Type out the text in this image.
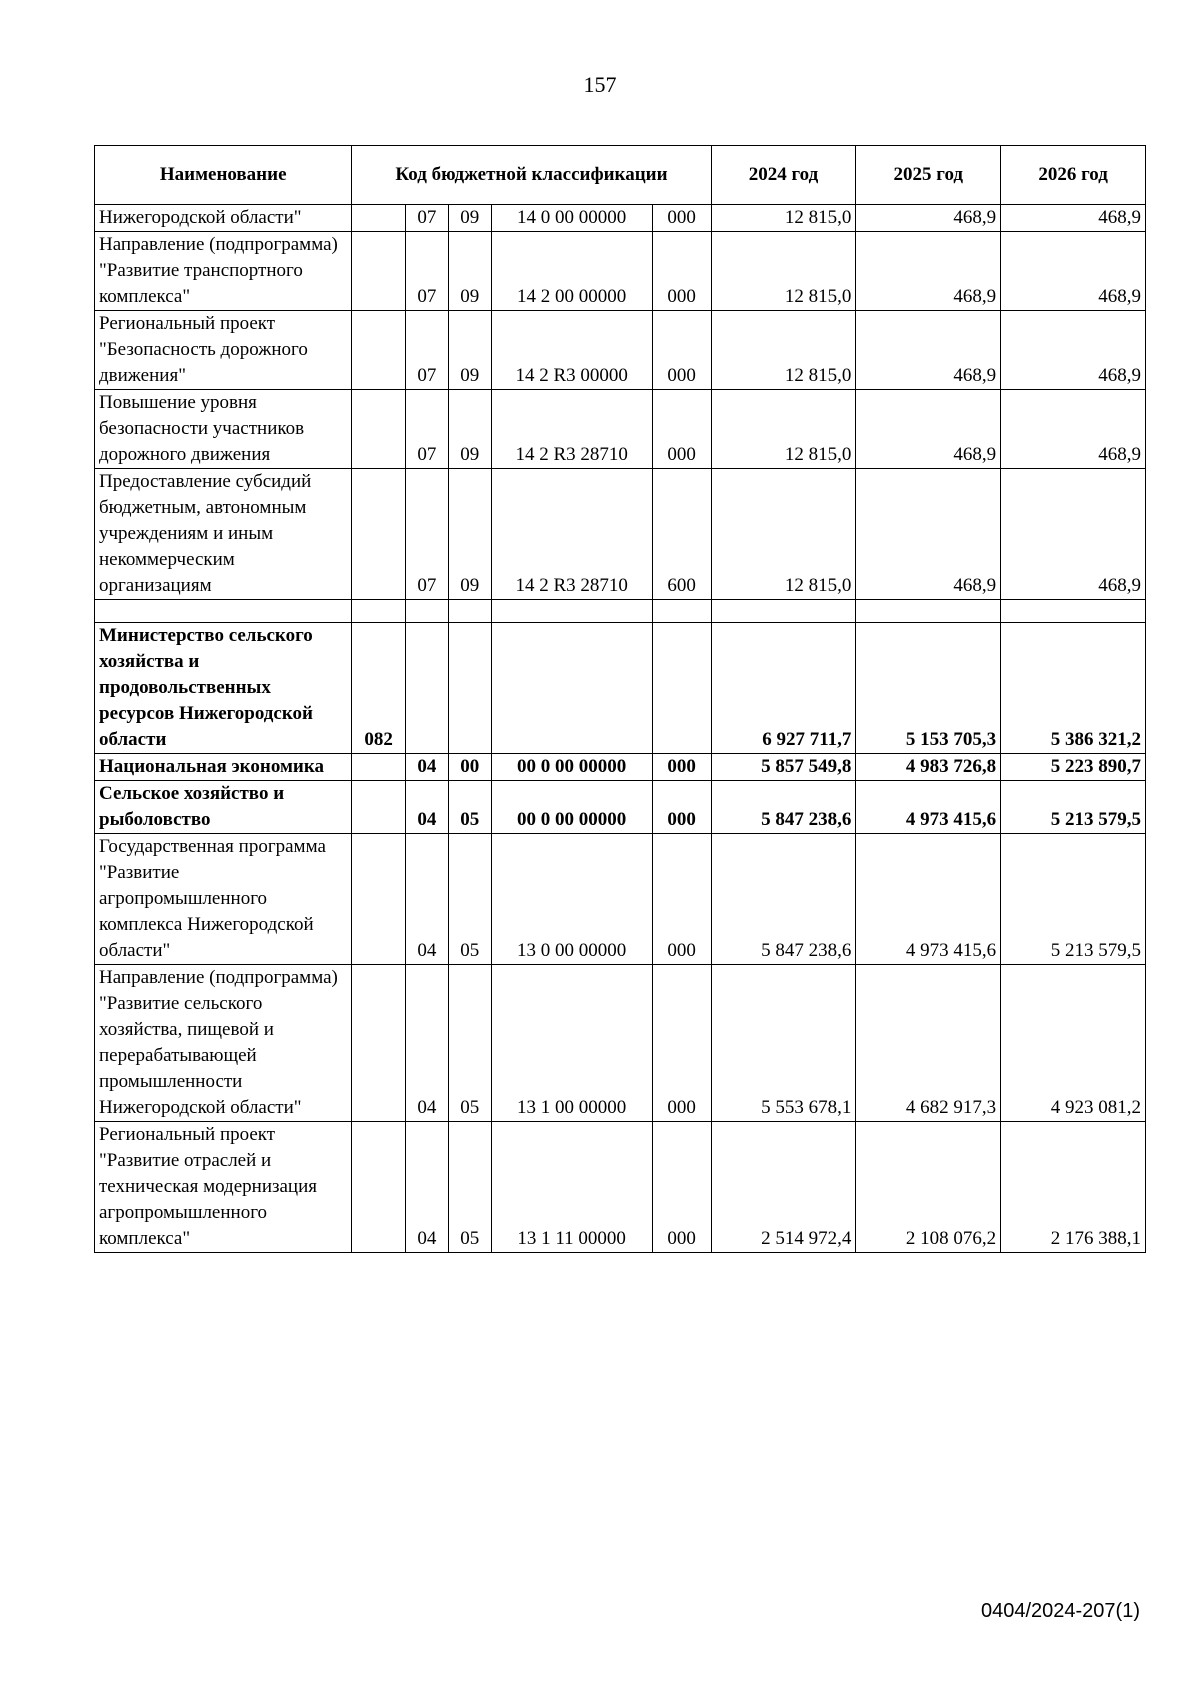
157
Наименование	Код бюджетной классификации					2024 год	2025 год	2026 год
Нижегородской области"		07	09	14 0 00 00000	000	12 815,0	468,9	468,9
Направление (подпрограмма) "Развитие транспортного комплекса"		07	09	14 2 00 00000	000	12 815,0	468,9	468,9
Региональный проект "Безопасность дорожного движения"		07	09	14 2 R3 00000	000	12 815,0	468,9	468,9
Повышение уровня безопасности участников дорожного движения		07	09	14 2 R3 28710	000	12 815,0	468,9	468,9
Предоставление субсидий бюджетным, автономным учреждениям и иным некоммерческим организациям		07	09	14 2 R3 28710	600	12 815,0	468,9	468,9

Министерство сельского хозяйства и продовольственных ресурсов Нижегородской области	082					6 927 711,7	5 153 705,3	5 386 321,2
Национальная экономика		04	00	00 0 00 00000	000	5 857 549,8	4 983 726,8	5 223 890,7
Сельское хозяйство и рыболовство		04	05	00 0 00 00000	000	5 847 238,6	4 973 415,6	5 213 579,5
Государственная программа "Развитие агропромышленного комплекса Нижегородской области"		04	05	13 0 00 00000	000	5 847 238,6	4 973 415,6	5 213 579,5
Направление (подпрограмма) "Развитие сельского хозяйства, пищевой и перерабатывающей промышленности Нижегородской области"		04	05	13 1 00 00000	000	5 553 678,1	4 682 917,3	4 923 081,2
Региональный проект "Развитие отраслей и техническая модернизация агропромышленного комплекса"		04	05	13 1 11 00000	000	2 514 972,4	2 108 076,2	2 176 388,1
0404/2024-207(1)
